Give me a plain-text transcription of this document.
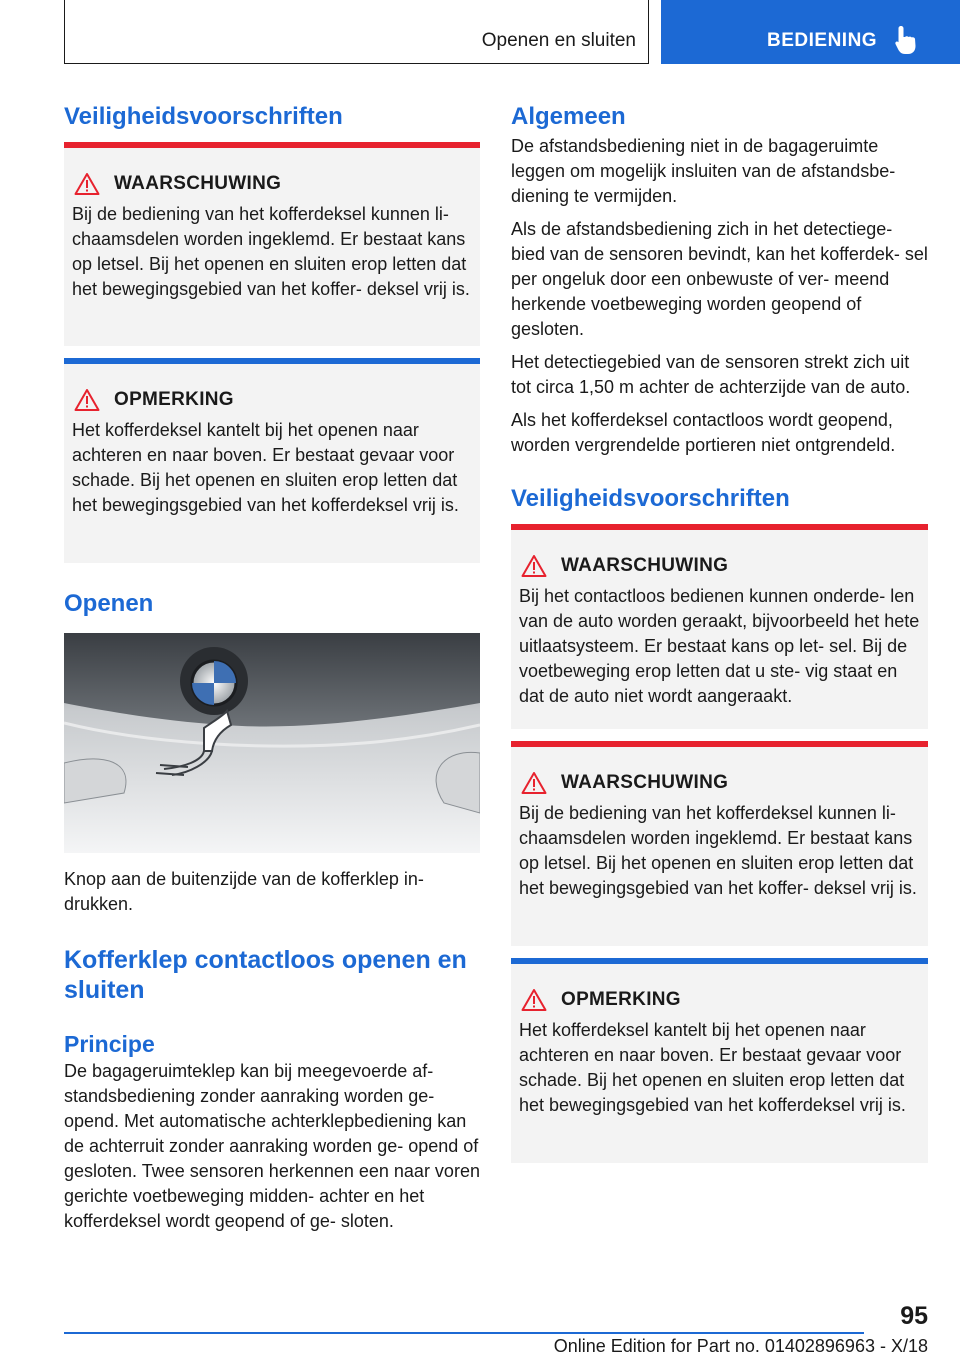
Openen en sluiten	BEDIENING
Veiligheidsvoorschriften
WAARSCHUWING

Bij de bediening van het kofferdeksel kunnen li‐ chaamsdelen worden ingeklemd. Er bestaat kans op letsel. Bij het openen en sluiten erop letten dat het bewegingsgebied van het koffer‐ deksel vrij is.

OPMERKING

Het kofferdeksel kantelt bij het openen naar achteren en naar boven. Er bestaat gevaar voor schade. Bij het openen en sluiten erop letten dat het bewegingsgebied van het kofferdeksel vrij is.

Openen

Knop aan de buitenzijde van de kofferklep in‐ drukken.

Kofferklep contactloos openen en sluiten
Principe

De bagageruimteklep kan bij meegevoerde af‐ standsbediening zonder aanraking worden ge‐ opend. Met automatische achterklepbediening kan de achterruit zonder aanraking worden ge‐ opend of gesloten. Twee sensoren herkennen een naar voren gerichte voetbeweging midden‐ achter en het kofferdeksel wordt geopend of ge‐ sloten.

Algemeen

De afstandsbediening niet in de bagageruimte leggen om mogelijk insluiten van de afstandsbe‐ diening te vermijden.

Als de afstandsbediening zich in het detectiege‐ bied van de sensoren bevindt, kan het kofferdek‐ sel per ongeluk door een onbewuste of ver‐ meend herkende voetbeweging worden geopend of gesloten.

Het detectiegebied van de sensoren strekt zich uit tot circa 1,50 m achter de achterzijde van de auto.

Als het kofferdeksel contactloos wordt geopend, worden vergrendelde portieren niet ontgrendeld.

Veiligheidsvoorschriften
WAARSCHUWING

Bij het contactloos bedienen kunnen onderde‐ len van de auto worden geraakt, bijvoorbeeld het hete uitlaatsysteem. Er bestaat kans op let‐ sel. Bij de voetbeweging erop letten dat u ste‐ vig staat en dat de auto niet wordt aangeraakt.

WAARSCHUWING

Bij de bediening van het kofferdeksel kunnen li‐ chaamsdelen worden ingeklemd. Er bestaat kans op letsel. Bij het openen en sluiten erop letten dat het bewegingsgebied van het koffer‐ deksel vrij is.

OPMERKING

Het kofferdeksel kantelt bij het openen naar achteren en naar boven. Er bestaat gevaar voor schade. Bij het openen en sluiten erop letten dat het bewegingsgebied van het kofferdeksel vrij is.

95
Online Edition for Part no. 01402896963 - X/18
